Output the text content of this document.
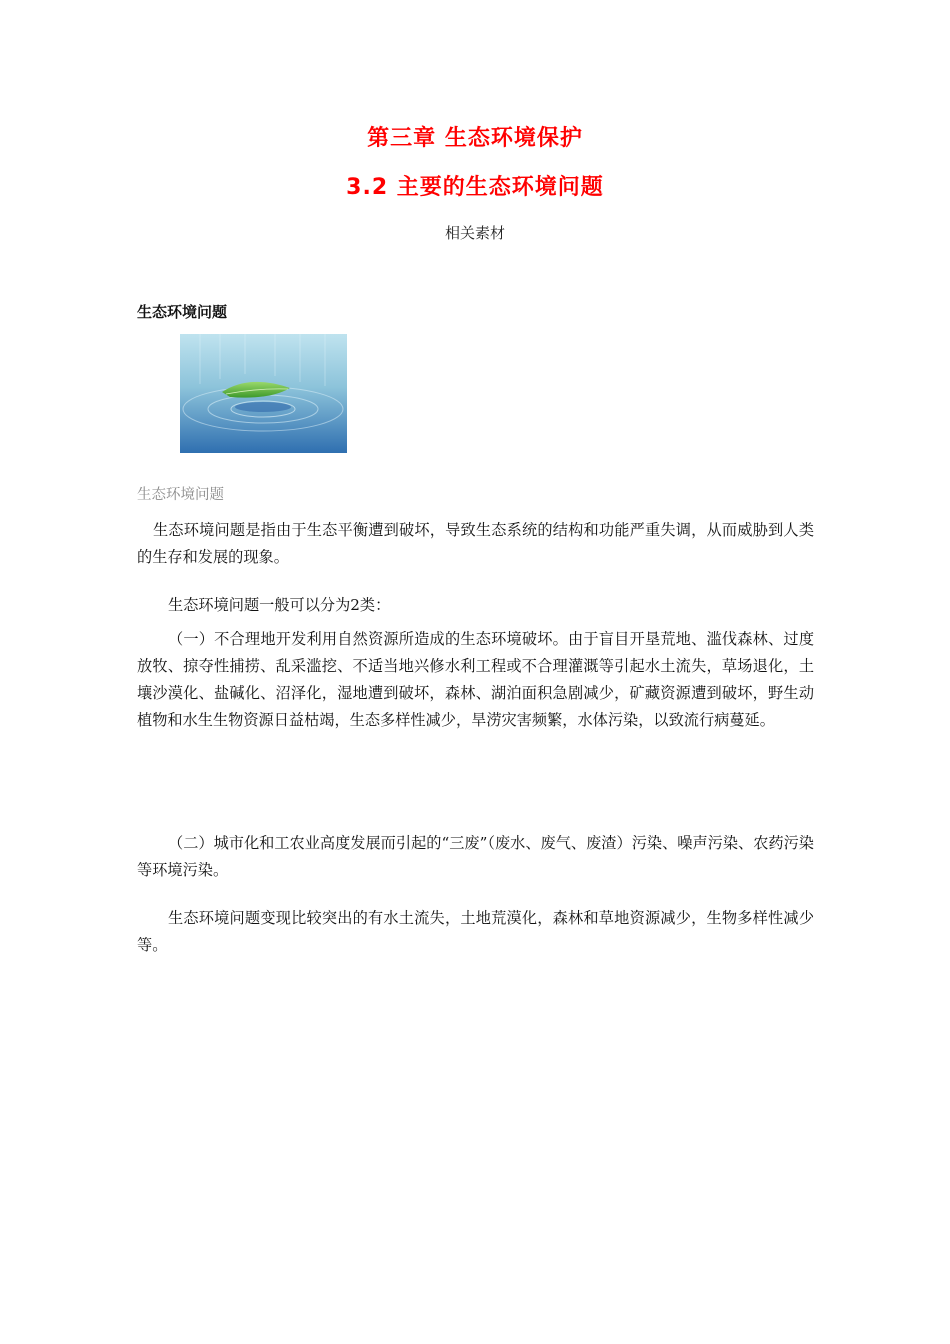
第三章 生态环境保护
3.2 主要的生态环境问题
相关素材
生态环境问题
生态环境问题

生态环境问题是指由于生态平衡遭到破坏，导致生态系统的结构和功能严重失调，从而威胁到人类的生存和发展的现象。

生态环境问题一般可以分为2类：

（一）不合理地开发利用自然资源所造成的生态环境破坏。由于盲目开垦荒地、滥伐森林、过度放牧、掠夺性捕捞、乱采滥挖、不适当地兴修水利工程或不合理灌溉等引起水土流失，草场退化，土壤沙漠化、盐碱化、沼泽化，湿地遭到破坏，森林、湖泊面积急剧减少，矿藏资源遭到破坏，野生动植物和水生生物资源日益枯竭，生态多样性减少，旱涝灾害频繁，水体污染，以致流行病蔓延。

（二）城市化和工农业高度发展而引起的“三废”（废水、废气、废渣）污染、噪声污染、农药污染等环境污染。

生态环境问题变现比较突出的有水土流失，土地荒漠化，森林和草地资源减少，生物多样性减少等。
